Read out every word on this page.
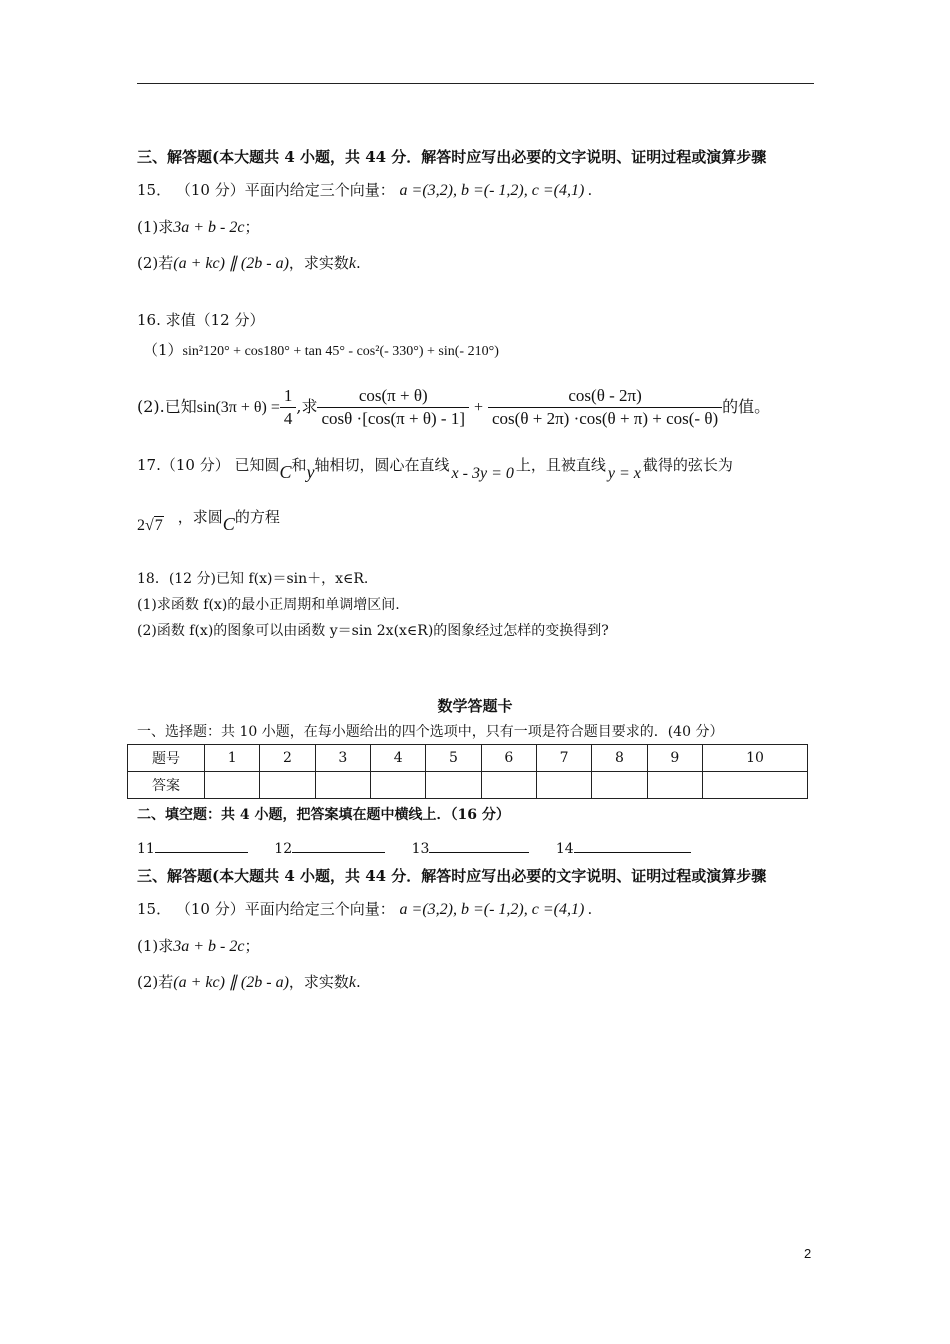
三、解答题(本大题共 4 小题，共 44 分．解答时应写出必要的文字说明、证明过程或演算步骤
15． （10 分）平面内给定三个向量： a =(3,2), b =(- 1,2), c =(4,1) .
(1)求3a + b - 2c；
(2)若(a + kc) ∥ (2b - a)，求实数k.
16. 求值（12 分）
（1）sin²120° + cos180° + tan 45° - cos²(- 330°) + sin(- 210°)
(2).已知$\sin(3\pi + \theta) = \frac{1}{4}$ ,求 $\frac{\cos(\pi + \theta)}{\cos\theta \cdot[\cos(\pi + \theta) - 1]} + \frac{\cos(\theta - 2\pi)}{\cos(\theta + 2\pi) \cdot\cos(\theta + \pi) + \cos(- \theta)}$ 的值。
17.（10 分） 已知圆C和y轴相切，圆心在直线 x - 3y = 0 上，且被直线 y = x 截得的弦长为
2√7 ，求圆C的方程
18．(12 分)已知 f(x)＝sin＋，x∈R.
(1)求函数 f(x)的最小正周期和单调增区间.
(2)函数 f(x)的图象可以由函数 y＝sin 2x(x∈R)的图象经过怎样的变换得到?
数学答题卡
一、选择题：共 10 小题，在每小题给出的四个选项中，只有一项是符合题目要求的．(40 分）
题号	1	2	3	4	5	6	7	8	9	10
答案										
二、填空题：共 4 小题，把答案填在题中横线上．（16 分）
11	12	13	14
三、解答题(本大题共 4 小题，共 44 分．解答时应写出必要的文字说明、证明过程或演算步骤
15． （10 分）平面内给定三个向量： a =(3,2), b =(- 1,2), c =(4,1) .
(1)求3a + b - 2c；
(2)若(a + kc) ∥ (2b - a)，求实数k.
2
